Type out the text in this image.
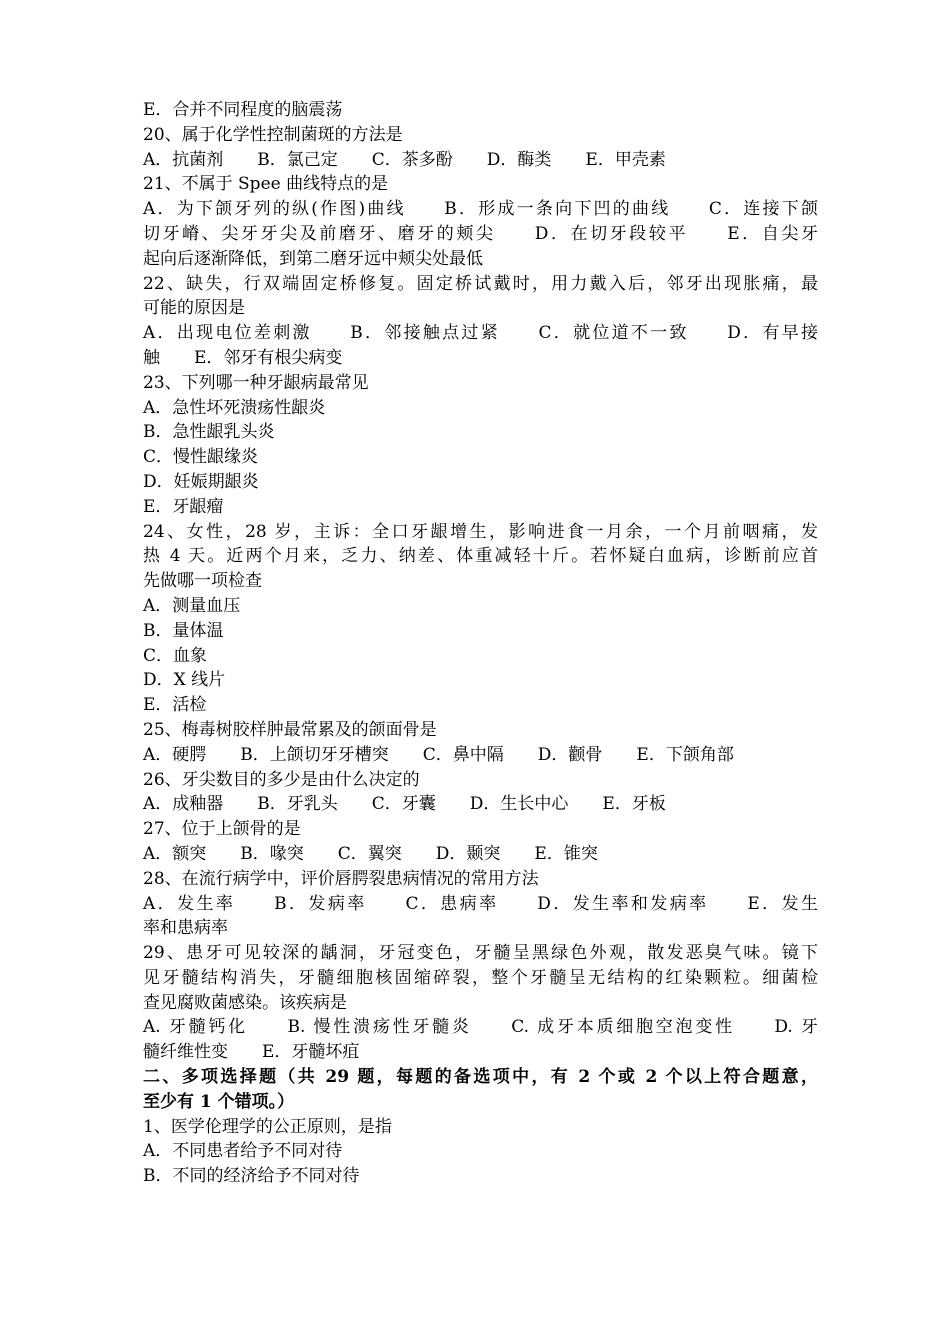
E．合并不同程度的脑震荡
20、属于化学性控制菌斑的方法是
A．抗菌剂　　B．氯己定　　C．茶多酚　　D．酶类　　E．甲壳素
21、不属于 Spee 曲线特点的是
A．为下颌牙列的纵(作图)曲线　　B．形成一条向下凹的曲线　　C．连接下颌
切牙嵴、尖牙牙尖及前磨牙、磨牙的颊尖　　D．在切牙段较平　　E．自尖牙
起向后逐渐降低，到第二磨牙远中颊尖处最低
22、缺失，行双端固定桥修复。固定桥试戴时，用力戴入后，邻牙出现胀痛，最
可能的原因是
A．出现电位差刺激　　B．邻接触点过紧　　C．就位道不一致　　D．有早接
触　　E．邻牙有根尖病变
23、下列哪一种牙龈病最常见
A．急性坏死溃疡性龈炎
B．急性龈乳头炎
C．慢性龈缘炎
D．妊娠期龈炎
E．牙龈瘤
24、女性，28 岁，主诉：全口牙龈增生，影响进食一月余，一个月前咽痛，发
热 4 天。近两个月来，乏力、纳差、体重减轻十斤。若怀疑白血病，诊断前应首
先做哪一项检查
A．测量血压
B．量体温
C．血象
D．X 线片
E．活检
25、梅毒树胶样肿最常累及的颌面骨是
A．硬腭　　B．上颌切牙牙槽突　　C．鼻中隔　　D．颧骨　　E．下颌角部
26、牙尖数目的多少是由什么决定的
A．成釉器　　B．牙乳头　　C．牙囊　　D．生长中心　　E．牙板
27、位于上颌骨的是
A．额突　　B．喙突　　C．翼突　　D．颞突　　E．锥突
28、在流行病学中，评价唇腭裂患病情况的常用方法
A．发生率　　B．发病率　　C．患病率　　D．发生率和发病率　　E．发生
率和患病率
29、患牙可见较深的龋洞，牙冠变色，牙髓呈黑绿色外观，散发恶臭气味。镜下
见牙髓结构消失，牙髓细胞核固缩碎裂，整个牙髓呈无结构的红染颗粒。细菌检
查见腐败菌感染。该疾病是
A. 牙髓钙化　　B. 慢性溃疡性牙髓炎　　C. 成牙本质细胞空泡变性　　D. 牙
髓纤维性变　　E．牙髓坏疽
二、多项选择题（共 29 题，每题的备选项中，有 2 个或 2 个以上符合题意，
至少有 1 个错项。）
1、医学伦理学的公正原则，是指
A．不同患者给予不同对待
B．不同的经济给予不同对待
